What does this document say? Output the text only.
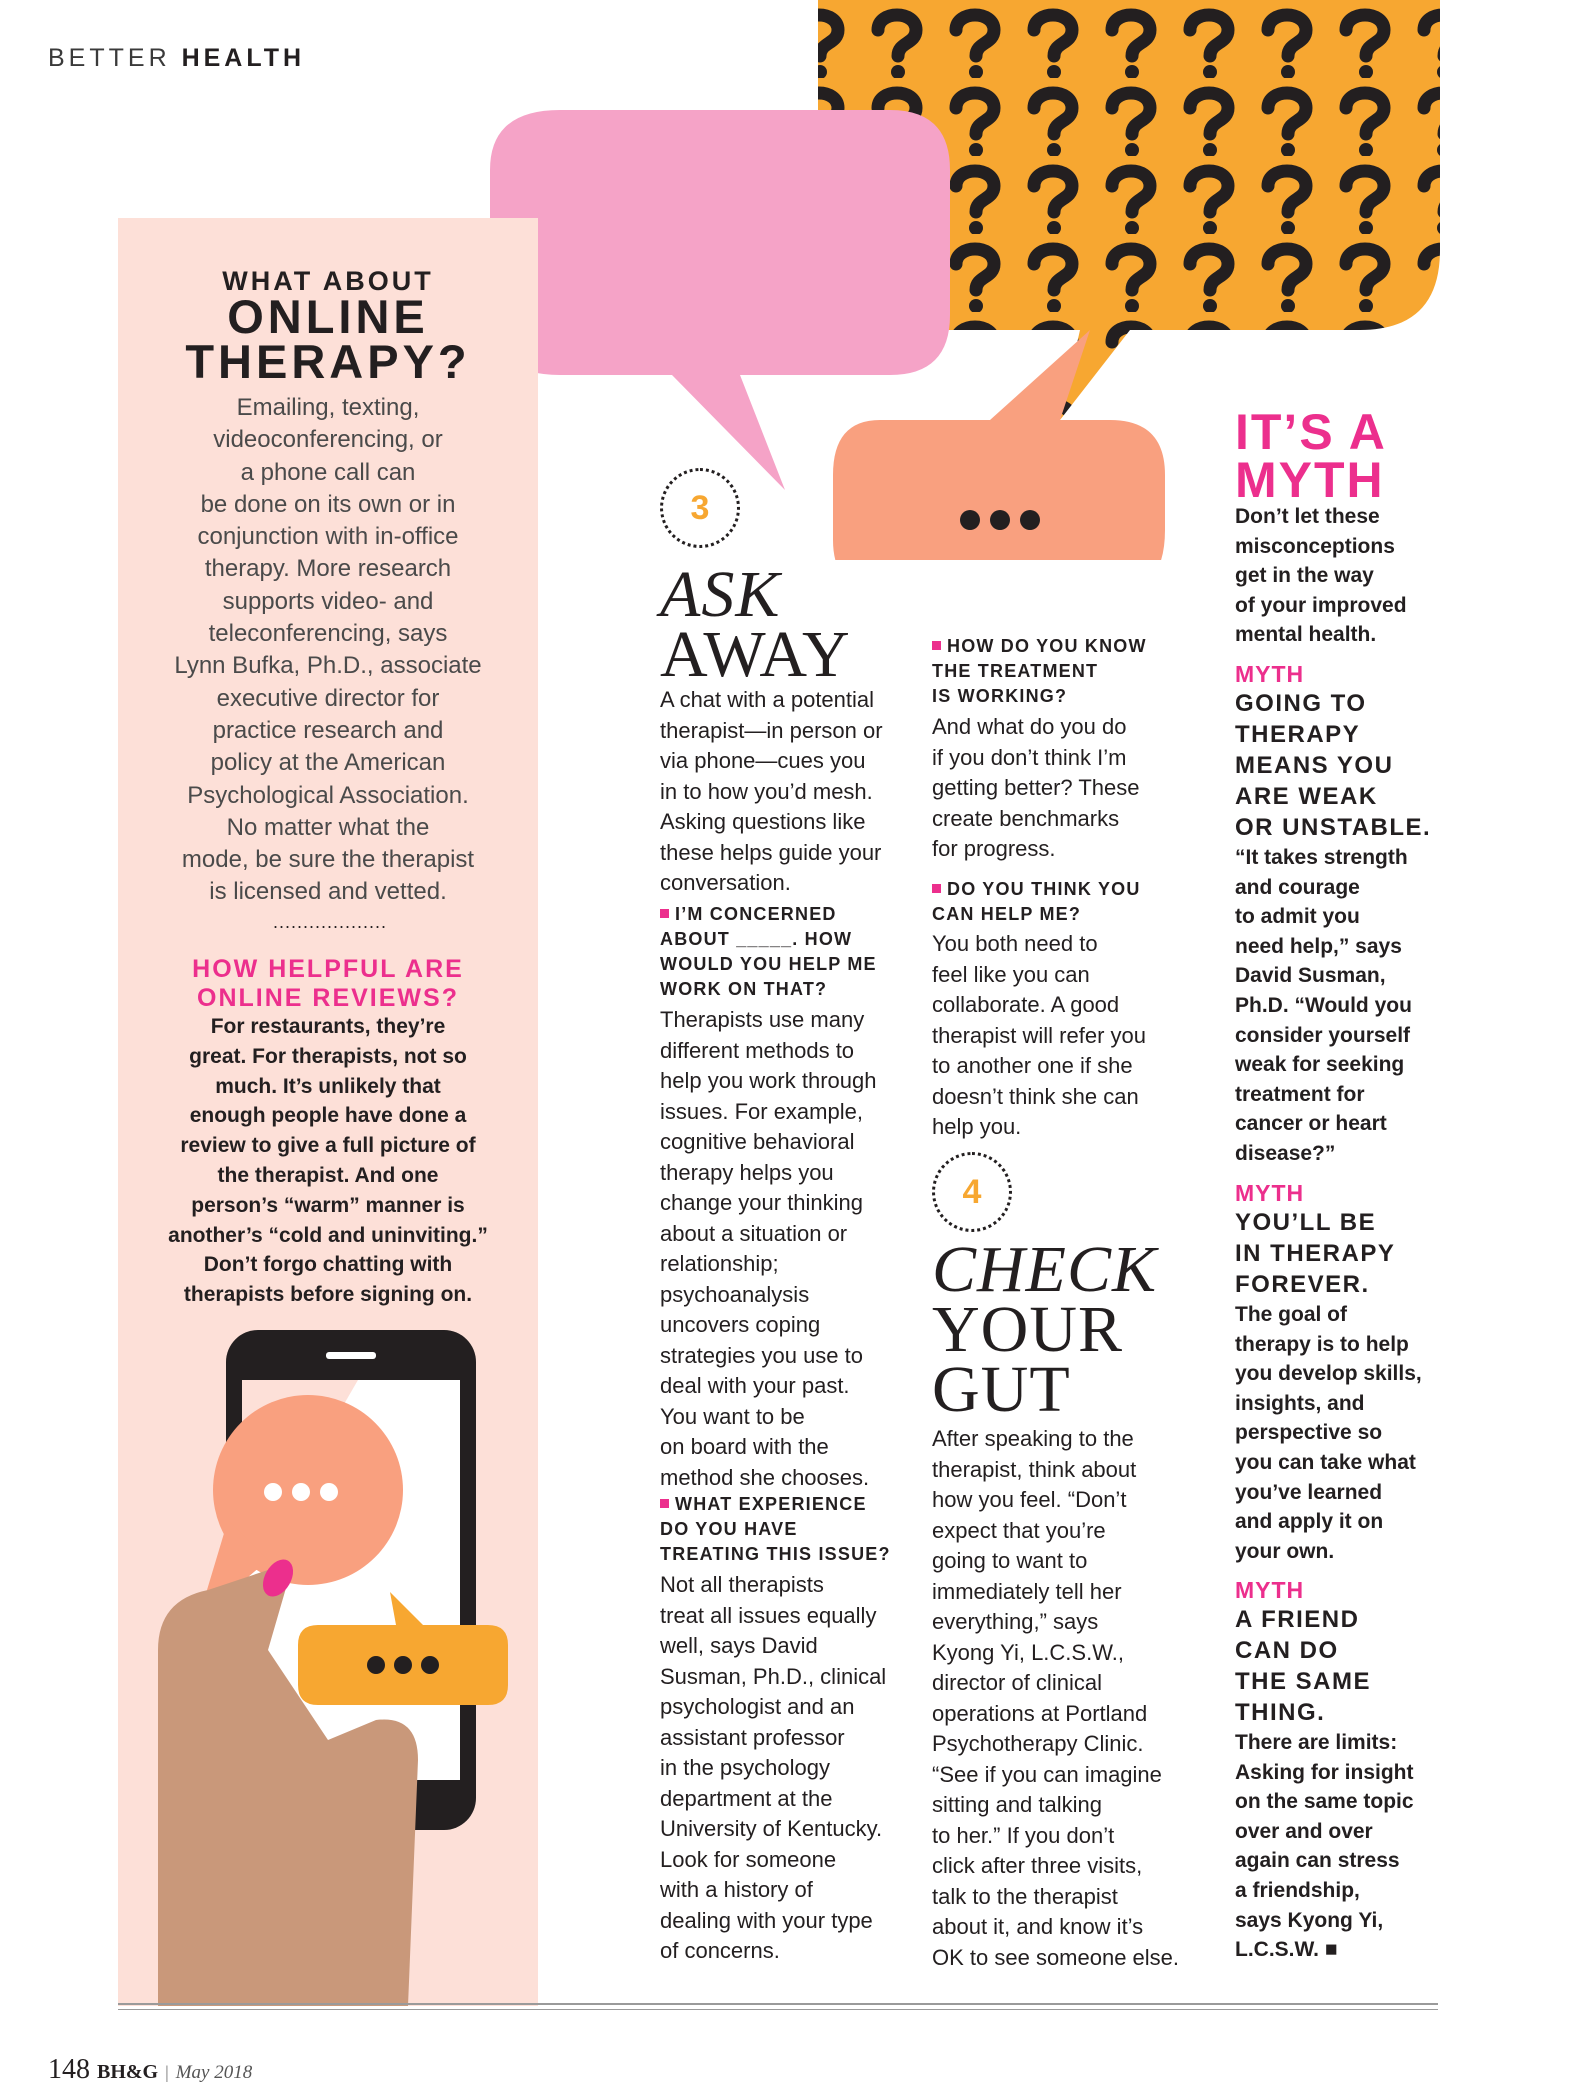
BETTER HEALTH
WHAT ABOUT
ONLINE
THERAPY?
Emailing, texting,
videoconferencing, or
a phone call can
be done on its own or in
conjunction with in-office
therapy. More research
supports video- and
teleconferencing, says
Lynn Bufka, Ph.D., associate
executive director for
practice research and
policy at the American
Psychological Association.
No matter what the
mode, be sure the therapist
is licensed and vetted.
...................
HOW HELPFUL ARE
ONLINE REVIEWS?
For restaurants, they’re
great. For therapists, not so
much. It’s unlikely that
enough people have done a
review to give a full picture of
the therapist. And one
person’s “warm” manner is
another’s “cold and uninviting.”
Don’t forgo chatting with
therapists before signing on.
3
ASK
AWAY
A chat with a potential
therapist—in person or
via phone—cues you
in to how you’d mesh.
Asking questions like
these helps guide your
conversation.
I’M CONCERNED
ABOUT _____. HOW
WOULD YOU HELP ME
WORK ON THAT?
Therapists use many
different methods to
help you work through
issues. For example,
cognitive behavioral
therapy helps you
change your thinking
about a situation or
relationship;
psychoanalysis
uncovers coping
strategies you use to
deal with your past.
You want to be
on board with the
method she chooses.
WHAT EXPERIENCE
DO YOU HAVE
TREATING THIS ISSUE?
Not all therapists
treat all issues equally
well, says David
Susman, Ph.D., clinical
psychologist and an
assistant professor
in the psychology
department at the
University of Kentucky.
Look for someone
with a history of
dealing with your type
of concerns.
HOW DO YOU KNOW
THE TREATMENT
IS WORKING?
And what do you do
if you don’t think I’m
getting better? These
create benchmarks
for progress.
DO YOU THINK YOU
CAN HELP ME?
You both need to
feel like you can
collaborate. A good
therapist will refer you
to another one if she
doesn’t think she can
help you.
4
CHECK
YOUR
GUT
After speaking to the
therapist, think about
how you feel. “Don’t
expect that you’re
going to want to
immediately tell her
everything,” says
Kyong Yi, L.C.S.W.,
director of clinical
operations at Portland
Psychotherapy Clinic.
“See if you can imagine
sitting and talking
to her.” If you don’t
click after three visits,
talk to the therapist
about it, and know it’s
OK to see someone else.
IT’S A
MYTH
Don’t let these
misconceptions
get in the way
of your improved
mental health.
MYTH
GOING TO
THERAPY
MEANS YOU
ARE WEAK
OR UNSTABLE.
“It takes strength
and courage
to admit you
need help,” says
David Susman,
Ph.D. “Would you
consider yourself
weak for seeking
treatment for
cancer or heart
disease?”
MYTH
YOU’LL BE
IN THERAPY
FOREVER.
The goal of
therapy is to help
you develop skills,
insights, and
perspective so
you can take what
you’ve learned
and apply it on
your own.
MYTH
A FRIEND
CAN DO
THE SAME
THING.
There are limits:
Asking for insight
on the same topic
over and over
again can stress
a friendship,
says Kyong Yi,
L.C.S.W. ■
148 BH&G | May 2018
